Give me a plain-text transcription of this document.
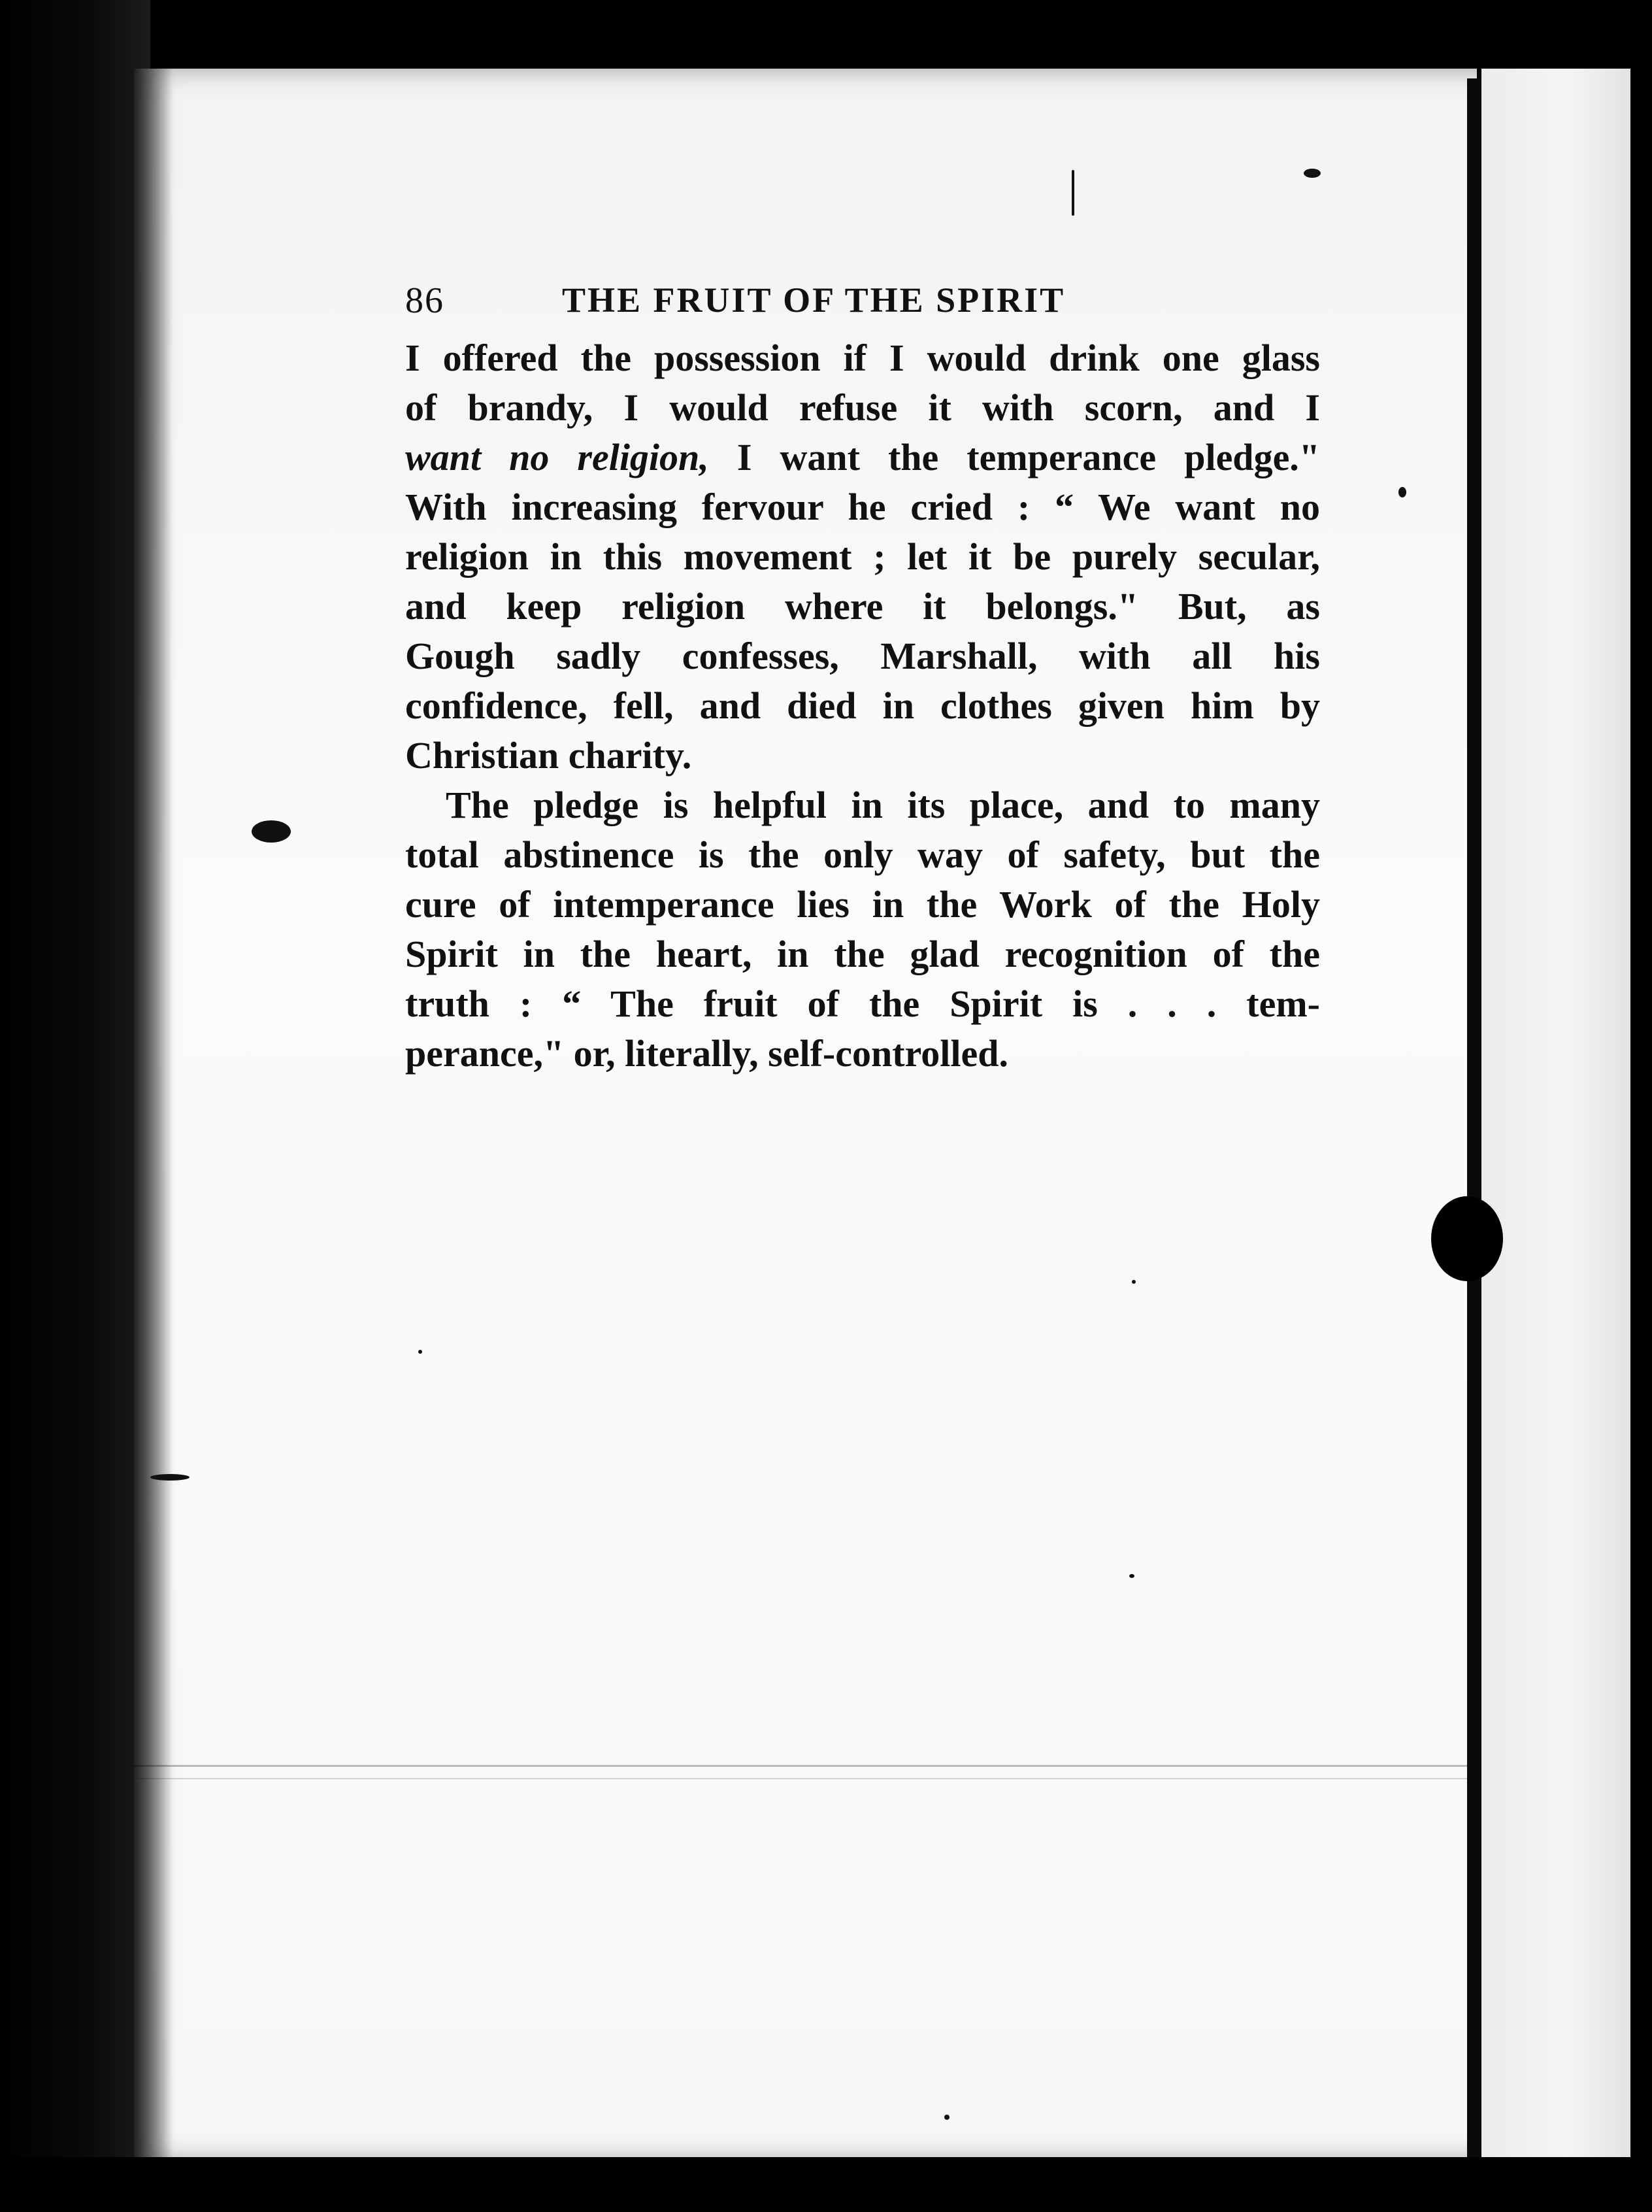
86	THE FRUIT OF THE SPIRIT

I offered the possession if I would drink one glass
of brandy, I would refuse it with scorn, and I
want no religion, I want the temperance pledge."
With increasing fervour he cried : “ We want no
religion in this movement ; let it be purely secular,
and keep religion where it belongs." But, as
Gough sadly confesses, Marshall, with all his
confidence, fell, and died in clothes given him by
Christian charity.

The pledge is helpful in its place, and to many
total abstinence is the only way of safety, but the
cure of intemperance lies in the Work of the Holy
Spirit in the heart, in the glad recognition of the
truth : “ The fruit of the Spirit is . . . tem-
perance," or, literally, self-controlled.
